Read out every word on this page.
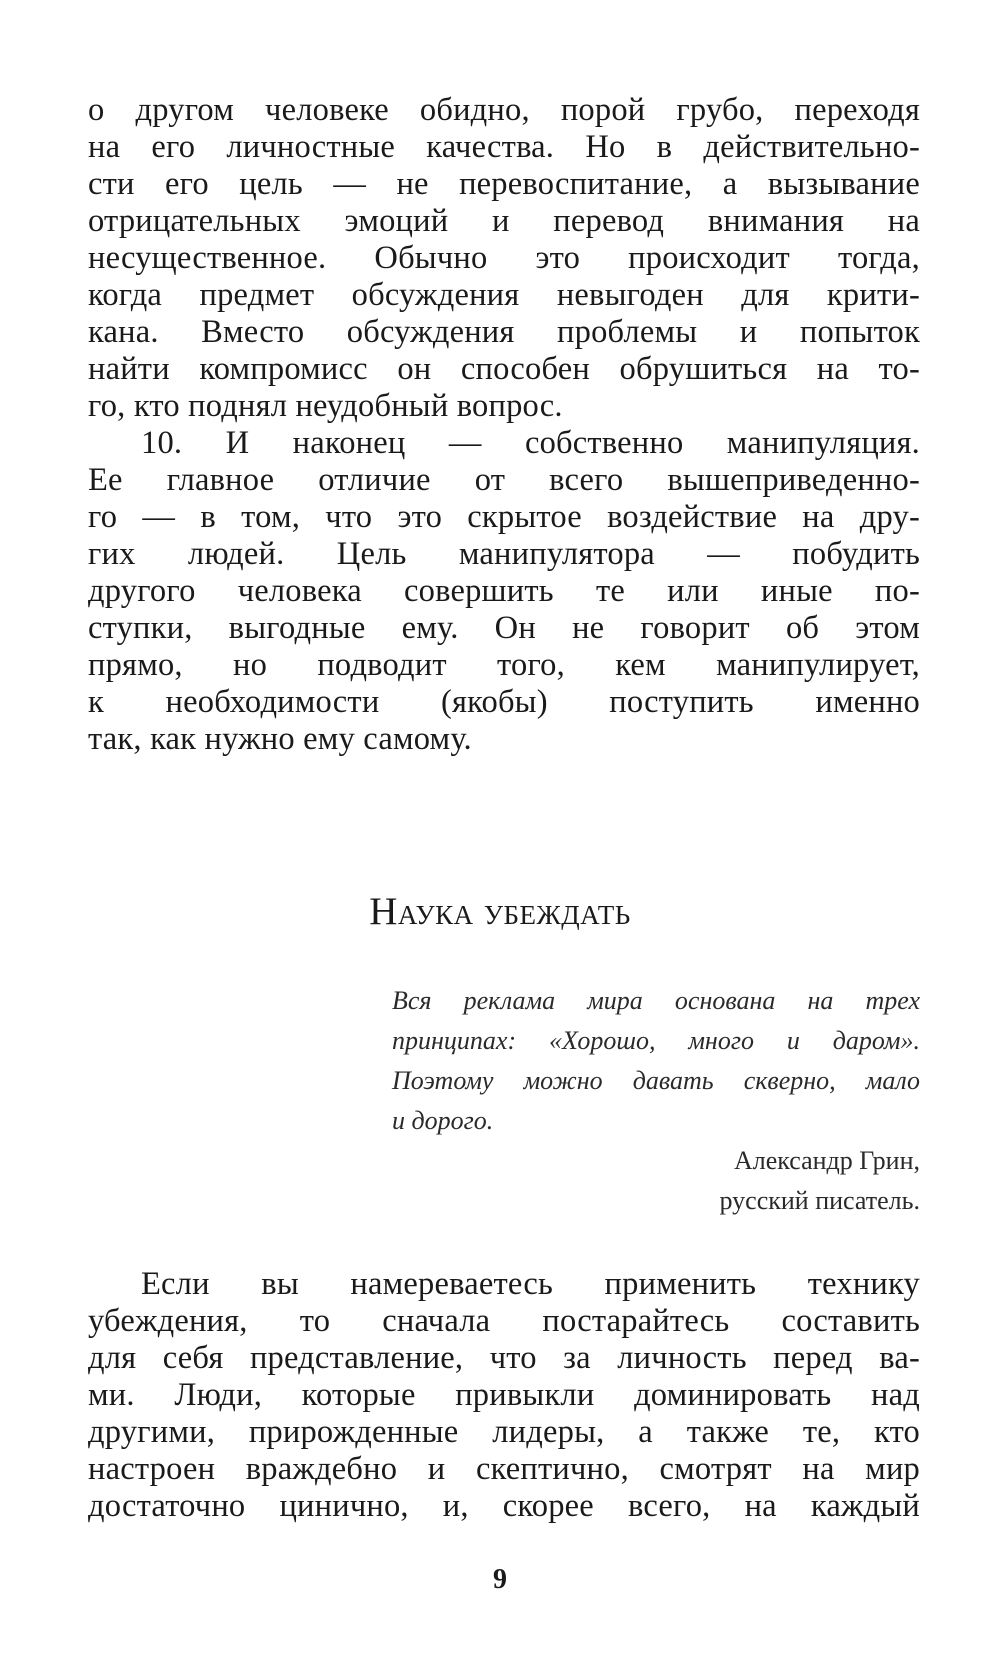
о другом человеке обидно, порой грубо, переходя
на его личностные качества. Но в действительно-
сти его цель — не перевоспитание, а вызывание
отрицательных эмоций и перевод внимания на
несущественное. Обычно это происходит тогда,
когда предмет обсуждения невыгоден для крити-
кана. Вместо обсуждения проблемы и попыток
найти компромисс он способен обрушиться на то-
го, кто поднял неудобный вопрос.
10. И наконец — собственно манипуляция.
Ее главное отличие от всего вышеприведенно-
го — в том, что это скрытое воздействие на дру-
гих людей. Цель манипулятора — побудить
другого человека совершить те или иные по-
ступки, выгодные ему. Он не говорит об этом
прямо, но подводит того, кем манипулирует,
к необходимости (якобы) поступить именно
так, как нужно ему самому.
Наука убеждать
Вся реклама мира основана на трех
принципах: «Хорошо, много и даром».
Поэтому можно давать скверно, мало
и дорого.
Александр Грин,
русский писатель.
Если вы намереваетесь применить технику
убеждения, то сначала постарайтесь составить
для себя представление, что за личность перед ва-
ми. Люди, которые привыкли доминировать над
другими, прирожденные лидеры, а также те, кто
настроен враждебно и скептично, смотрят на мир
достаточно цинично, и, скорее всего, на каждый
9
